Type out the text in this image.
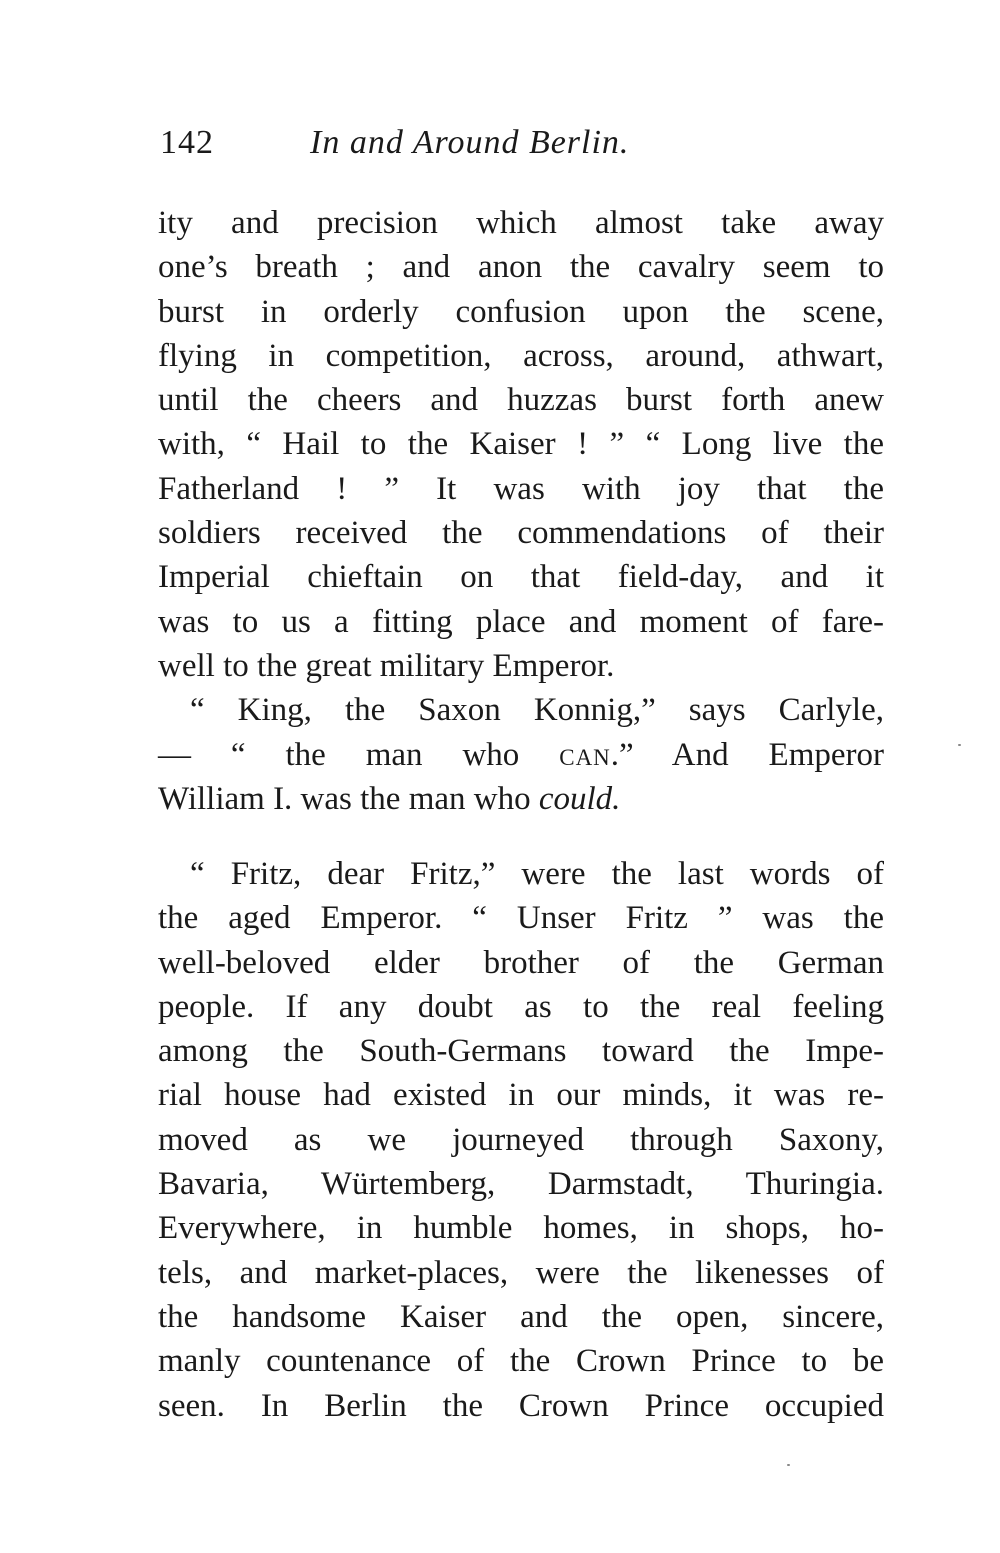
142	In and Around Berlin.
ity and precision which almost take away
one’s breath ; and anon the cavalry seem to
burst in orderly confusion upon the scene,
flying in competition, across, around, athwart,
until the cheers and huzzas burst forth anew
with, “ Hail to the Kaiser ! ” “ Long live the
Fatherland ! ” It was with joy that the
soldiers received the commendations of their
Imperial chieftain on that field-day, and it
was to us a fitting place and moment of fare-
well to the great military Emperor.
“ King, the Saxon Konnig,” says Carlyle,
— “ the man who can.” And Emperor
William I. was the man who could.
“ Fritz, dear Fritz,” were the last words of
the aged Emperor. “ Unser Fritz ” was the
well-beloved elder brother of the German
people. If any doubt as to the real feeling
among the South-Germans toward the Impe-
rial house had existed in our minds, it was re-
moved as we journeyed through Saxony,
Bavaria, Würtemberg, Darmstadt, Thuringia.
Everywhere, in humble homes, in shops, ho-
tels, and market-places, were the likenesses of
the handsome Kaiser and the open, sincere,
manly countenance of the Crown Prince to be
seen. In Berlin the Crown Prince occupied
